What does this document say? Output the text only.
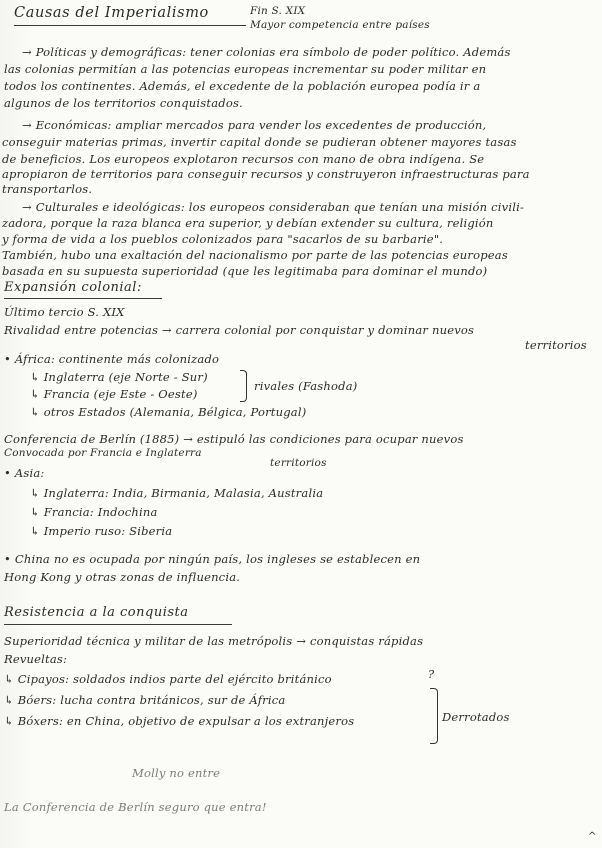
Causas del Imperialismo	Fin S. XIX
Mayor competencia entre países
→ Políticas y demográficas: tener colonias era símbolo de poder político. Además
las colonias permitían a las potencias europeas incrementar su poder militar en
todos los continentes. Además, el excedente de la población europea podía ir a
algunos de los territorios conquistados.
→ Económicas: ampliar mercados para vender los excedentes de producción,
conseguir materias primas, invertir capital donde se pudieran obtener mayores tasas
de beneficios. Los europeos explotaron recursos con mano de obra indígena. Se
apropiaron de territorios para conseguir recursos y construyeron infraestructuras para
transportarlos.
→ Culturales e ideológicas: los europeos consideraban que tenían una misión civili-
zadora, porque la raza blanca era superior, y debían extender su cultura, religión
y forma de vida a los pueblos colonizados para "sacarlos de su barbarie".
También, hubo una exaltación del nacionalismo por parte de las potencias europeas
basada en su supuesta superioridad (que les legitimaba para dominar el mundo)
Expansión colonial:
Último tercio S. XIX
Rivalidad entre potencias → carrera colonial por conquistar y dominar nuevos
territorios
• África: continente más colonizado
↳ Inglaterra (eje Norte - Sur)
↳ Francia (eje Este - Oeste)
rivales (Fashoda)
↳ otros Estados (Alemania, Bélgica, Portugal)
Conferencia de Berlín (1885) → estipuló las condiciones para ocupar nuevos
Convocada por Francia e Inglaterra
territorios
• Asia:
↳ Inglaterra: India, Birmania, Malasia, Australia
↳ Francia: Indochina
↳ Imperio ruso: Siberia
• China no es ocupada por ningún país, los ingleses se establecen en
Hong Kong y otras zonas de influencia.
Resistencia a la conquista
Superioridad técnica y militar de las metrópolis → conquistas rápidas
Revueltas:
↳ Cipayos: soldados indios parte del ejército británico	?
↳ Bóers: lucha contra británicos, sur de África
↳ Bóxers: en China, objetivo de expulsar a los extranjeros	Derrotados
Molly no entre
La Conferencia de Berlín seguro que entra!
^
